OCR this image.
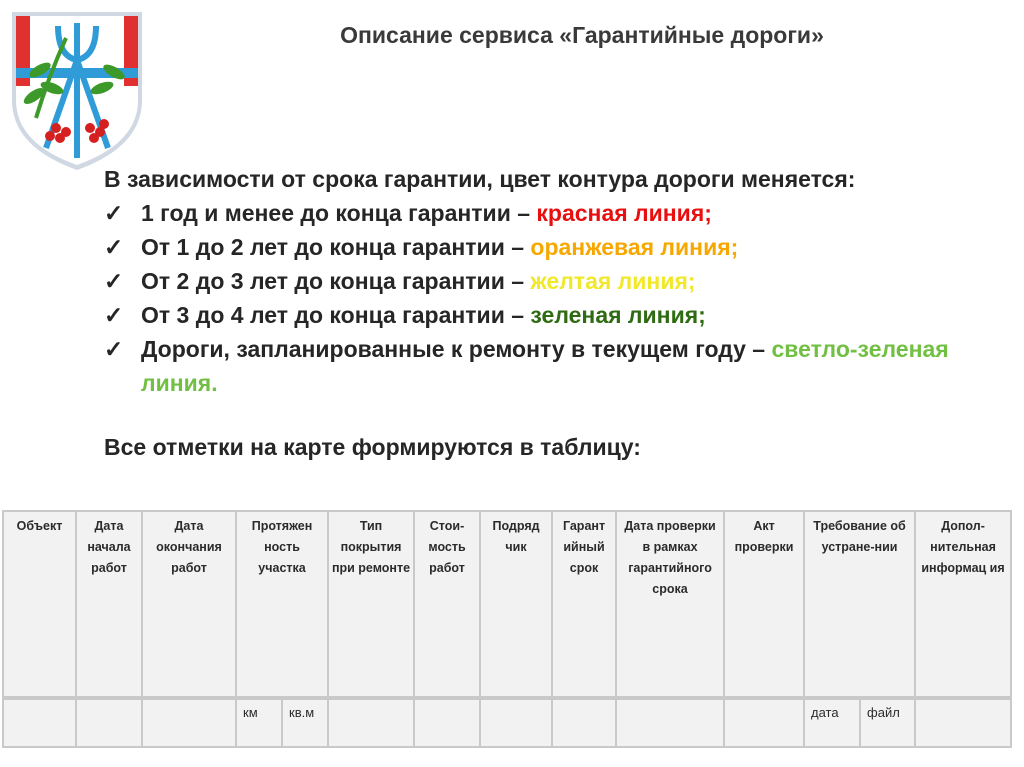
Описание сервиса «Гарантийные дороги»

В зависимости от срока гарантии, цвет контура дороги меняется:

✓ 1 год и менее до конца гарантии – красная линия;
✓ От 1 до 2 лет до конца гарантии – оранжевая линия;
✓ От 2 до 3 лет до конца гарантии – желтая линия;
✓ От 3 до 4 лет до конца гарантии – зеленая линия;
✓ Дороги, запланированные к ремонту в текущем году – светло-зеленая линия.

Все отметки на карте формируются в таблицу:

Объект	Дата начала работ	Дата окончания работ	Протяжен ность участка		Тип покрытия при ремонте	Стои-мость работ	Подряд чик	Гарант ийный срок	Дата проверки в рамках гарантийного срока	Акт проверки	Требование об устране-нии		Допол-нительная информац ия

			км	кв.м							дата	файл	
